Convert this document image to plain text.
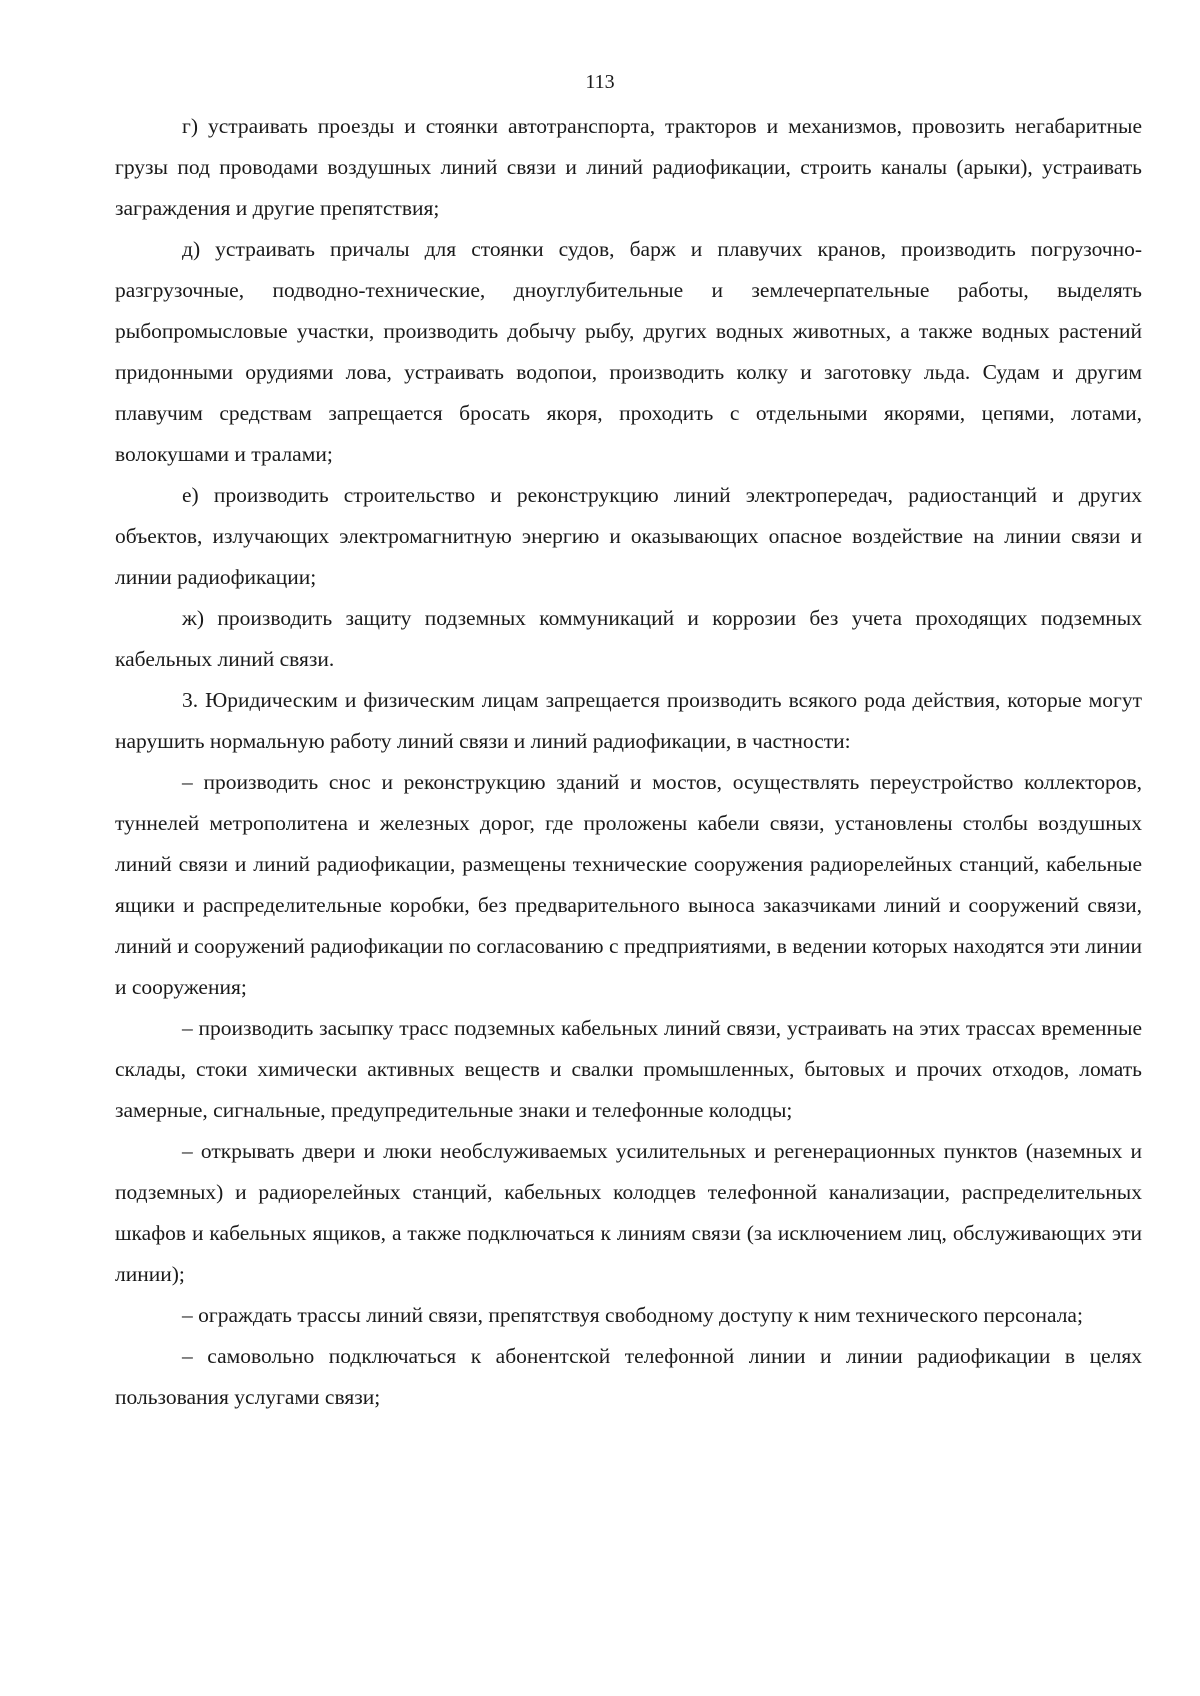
113

г) устраивать проезды и стоянки автотранспорта, тракторов и механизмов, провозить негабаритные грузы под проводами воздушных линий связи и линий радиофикации, строить каналы (арыки), устраивать заграждения и другие препятствия;

д) устраивать причалы для стоянки судов, барж и плавучих кранов, производить погрузочно-разгрузочные, подводно-технические, дноуглубительные и землечерпательные работы, выделять рыбопромысловые участки, производить добычу рыбу, других водных животных, а также водных растений придонными орудиями лова, устраивать водопои, производить колку и заготовку льда. Судам и другим плавучим средствам запрещается бросать якоря, проходить с отдельными якорями, цепями, лотами, волокушами и тралами;

е) производить строительство и реконструкцию линий электропередач, радиостанций и других объектов, излучающих электромагнитную энергию и оказывающих опасное воздействие на линии связи и линии радиофикации;

ж) производить защиту подземных коммуникаций и коррозии без учета проходящих подземных кабельных линий связи.

3. Юридическим и физическим лицам запрещается производить всякого рода действия, которые могут нарушить нормальную работу линий связи и линий радиофикации, в частности:

– производить снос и реконструкцию зданий и мостов, осуществлять переустройство коллекторов, туннелей метрополитена и железных дорог, где проложены кабели связи, установлены столбы воздушных линий связи и линий радиофикации, размещены технические сооружения радиорелейных станций, кабельные ящики и распределительные коробки, без предварительного выноса заказчиками линий и сооружений связи, линий и сооружений радиофикации по согласованию с предприятиями, в ведении которых находятся эти линии и сооружения;

– производить засыпку трасс подземных кабельных линий связи, устраивать на этих трассах временные склады, стоки химически активных веществ и свалки промышленных, бытовых и прочих отходов, ломать замерные, сигнальные, предупредительные знаки и телефонные колодцы;

– открывать двери и люки необслуживаемых усилительных и регенерационных пунктов (наземных и подземных) и радиорелейных станций, кабельных колодцев телефонной канализации, распределительных шкафов и кабельных ящиков, а также подключаться к линиям связи (за исключением лиц, обслуживающих эти линии);

– ограждать трассы линий связи, препятствуя свободному доступу к ним технического персонала;

– самовольно подключаться к абонентской телефонной линии и линии радиофикации в целях пользования услугами связи;
